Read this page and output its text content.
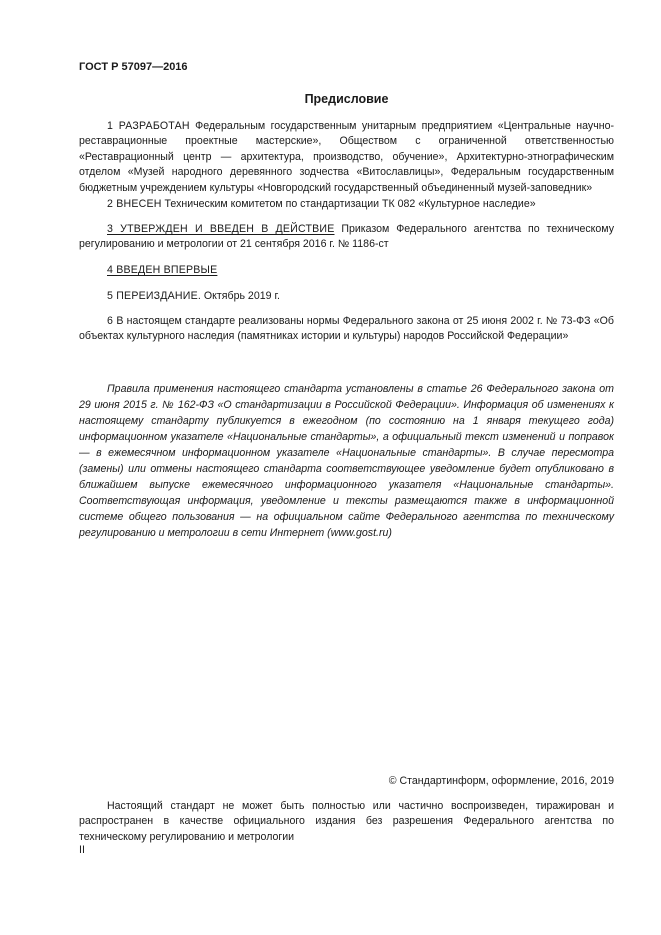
ГОСТ Р 57097—2016
Предисловие

1 РАЗРАБОТАН Федеральным государственным унитарным предприятием «Центральные научно-реставрационные проектные мастерские», Обществом с ограниченной ответственностью «Реставрационный центр — архитектура, производство, обучение», Архитектурно-этнографическим отделом «Музей народного деревянного зодчества «Витославлицы», Федеральным государственным бюджетным учреждением культуры «Новгородский государственный объединенный музей-заповедник»

2 ВНЕСЕН Техническим комитетом по стандартизации ТК 082 «Культурное наследие»

3 УТВЕРЖДЕН И ВВЕДЕН В ДЕЙСТВИЕ Приказом Федерального агентства по техническому регулированию и метрологии от 21 сентября 2016 г. № 1186-ст

4 ВВЕДЕН ВПЕРВЫЕ

5 ПЕРЕИЗДАНИЕ. Октябрь 2019 г.

6 В настоящем стандарте реализованы нормы Федерального закона от 25 июня 2002 г. № 73-ФЗ «Об объектах культурного наследия (памятниках истории и культуры) народов Российской Федерации»

Правила применения настоящего стандарта установлены в статье 26 Федерального закона от 29 июня 2015 г. № 162-ФЗ «О стандартизации в Российской Федерации». Информация об изменениях к настоящему стандарту публикуется в ежегодном (по состоянию на 1 января текущего года) информационном указателе «Национальные стандарты», а официальный текст изменений и поправок — в ежемесячном информационном указателе «Национальные стандарты». В случае пересмотра (замены) или отмены настоящего стандарта соответствующее уведомление будет опубликовано в ближайшем выпуске ежемесячного информационного указателя «Национальные стандарты». Соответствующая информация, уведомление и тексты размещаются также в информационной системе общего пользования — на официальном сайте Федерального агентства по техническому регулированию и метрологии в сети Интернет (www.gost.ru)

© Стандартинформ, оформление, 2016, 2019

Настоящий стандарт не может быть полностью или частично воспроизведен, тиражирован и распространен в качестве официального издания без разрешения Федерального агентства по техническому регулированию и метрологии

II
